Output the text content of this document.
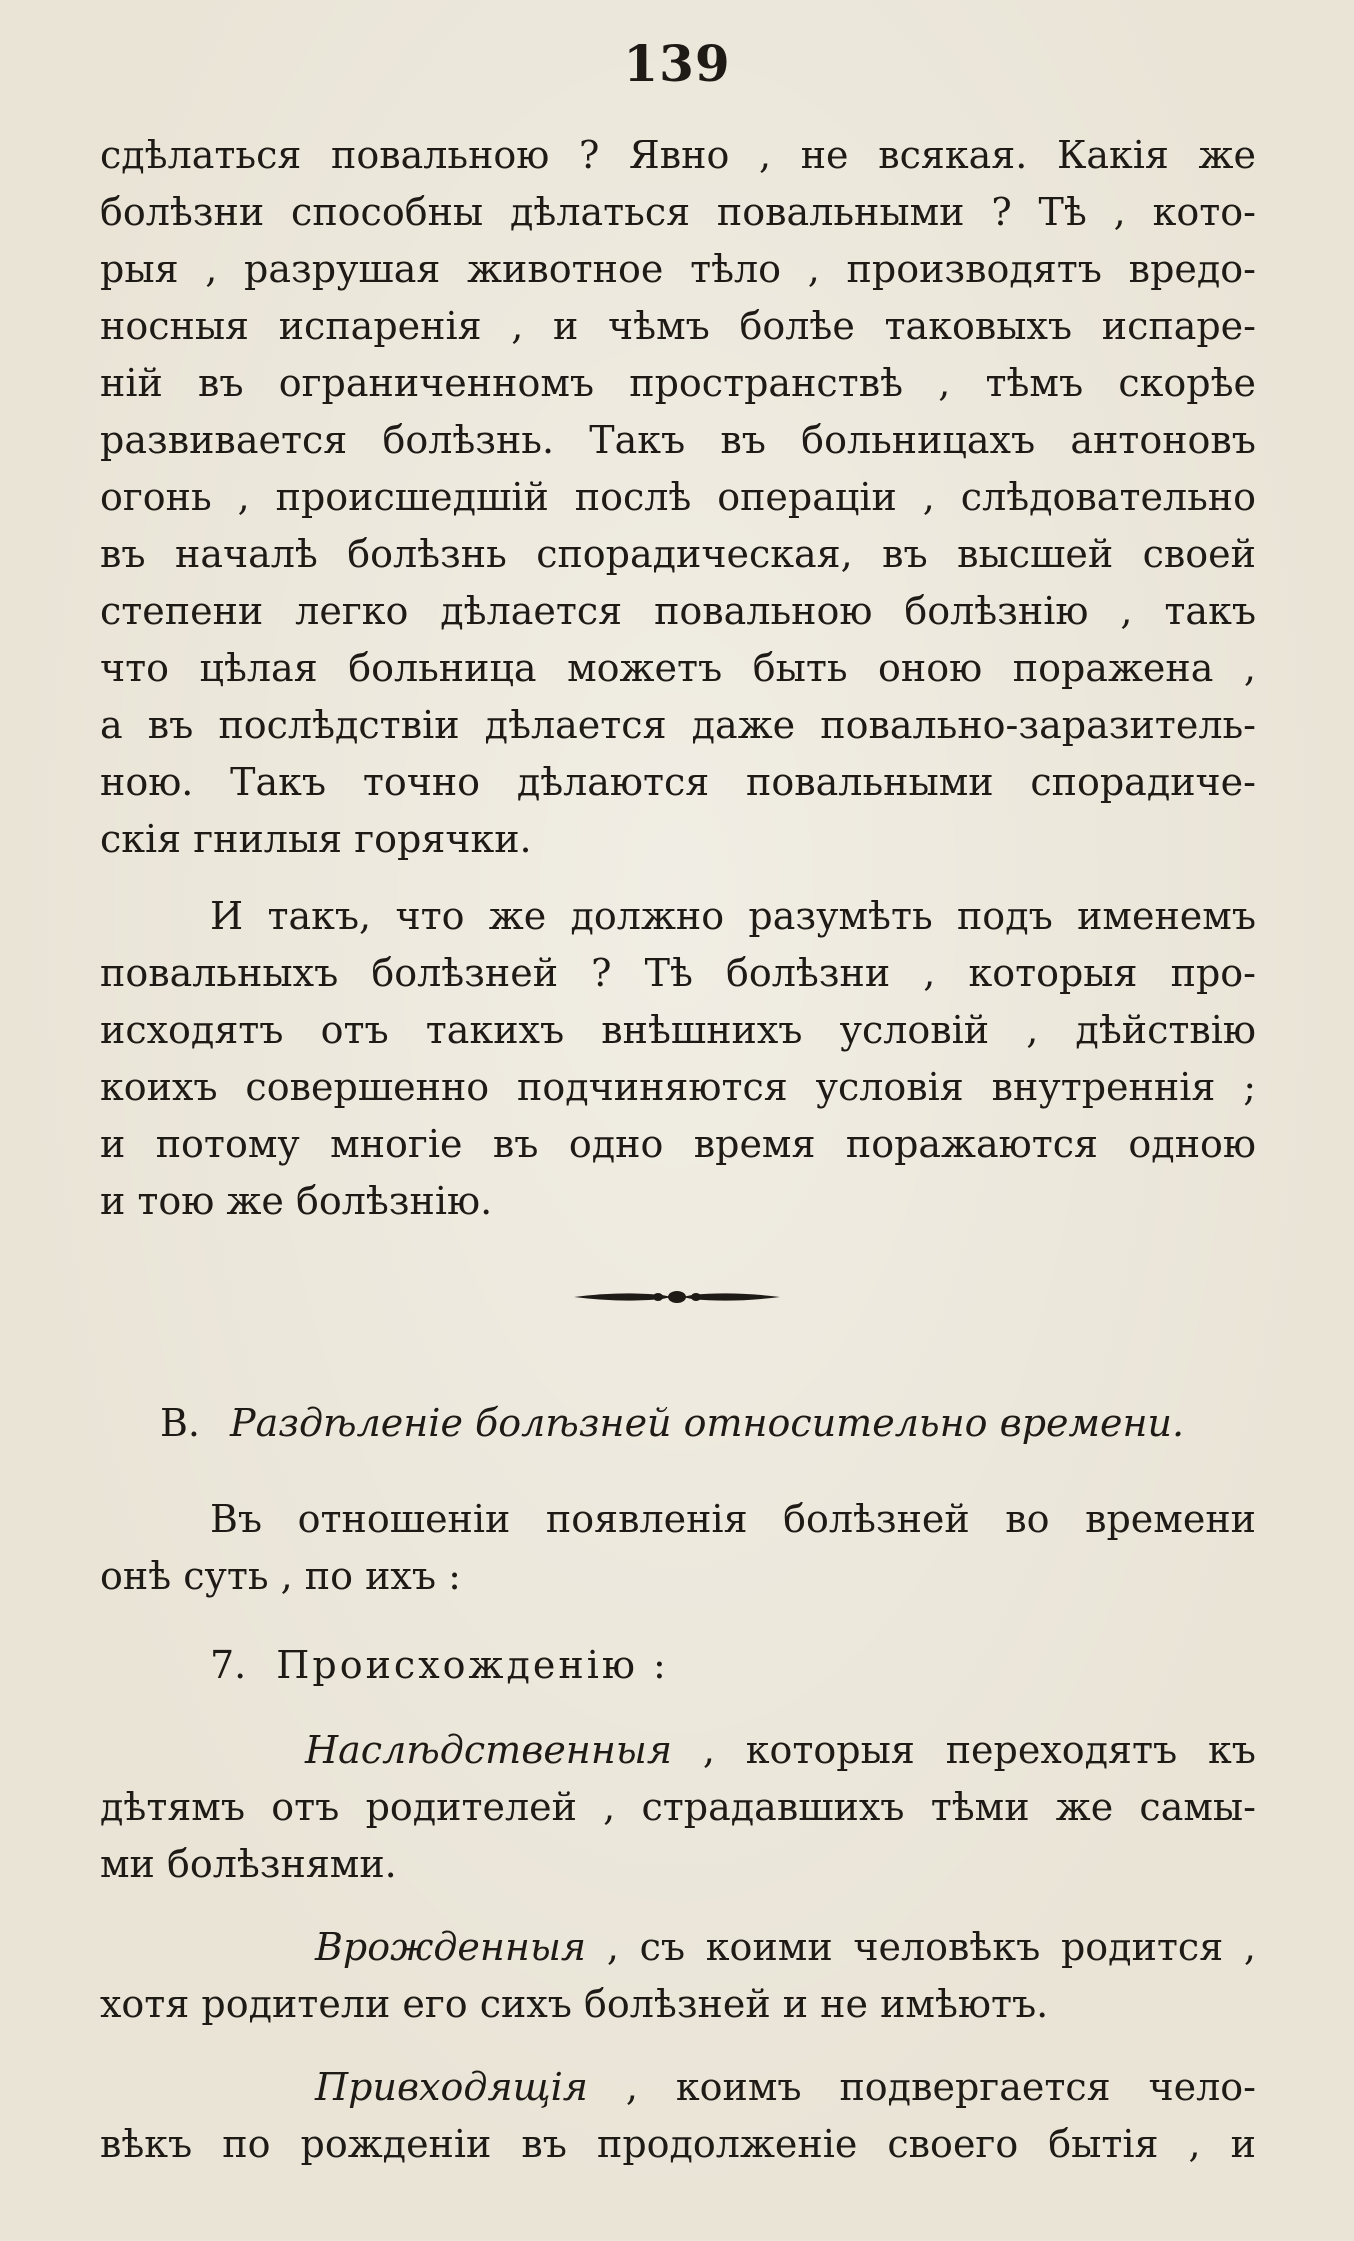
139
сдѣлаться повальною ? Явно , не всякая. Какія же
болѣзни способны дѣлаться повальными ? Тѣ , кото-
рыя , разрушая животное тѣло , производятъ вредо-
носныя испаренія , и чѣмъ болѣе таковыхъ испаре-
ній въ ограниченномъ пространствѣ , тѣмъ скорѣе
развивается болѣзнь. Такъ въ больницахъ антоновъ
огонь , происшедшій послѣ операціи , слѣдовательно
въ началѣ болѣзнь спорадическая, въ высшей своей
степени легко дѣлается повальною болѣзнію , такъ
что цѣлая больница можетъ быть оною поражена ,
а въ послѣдствіи дѣлается даже повально-заразитель-
ною. Такъ точно дѣлаются повальными спорадиче-
скія гнилыя горячки.
И такъ, что же должно разумѣть подъ именемъ
повальныхъ болѣзней ? Тѣ болѣзни , которыя про-
исходятъ отъ такихъ внѣшнихъ условій , дѣйствію
коихъ совершенно подчиняются условія внутреннія ;
и потому многіе въ одно время поражаются одною
и тою же болѣзнію.
В. Раздѣленіе болѣзней относительно времени.
Въ отношеніи появленія болѣзней во времени
онѣ суть , по ихъ :
7. Происхожденію :
Наслѣдственныя , которыя переходятъ къ
дѣтямъ отъ родителей , страдавшихъ тѣми же самы-
ми болѣзнями.
Врожденныя , съ коими человѣкъ родится ,
хотя родители его сихъ болѣзней и не имѣютъ.
Привходящія , коимъ подвергается чело-
вѣкъ по рожденіи въ продолженіе своего бытія , и
